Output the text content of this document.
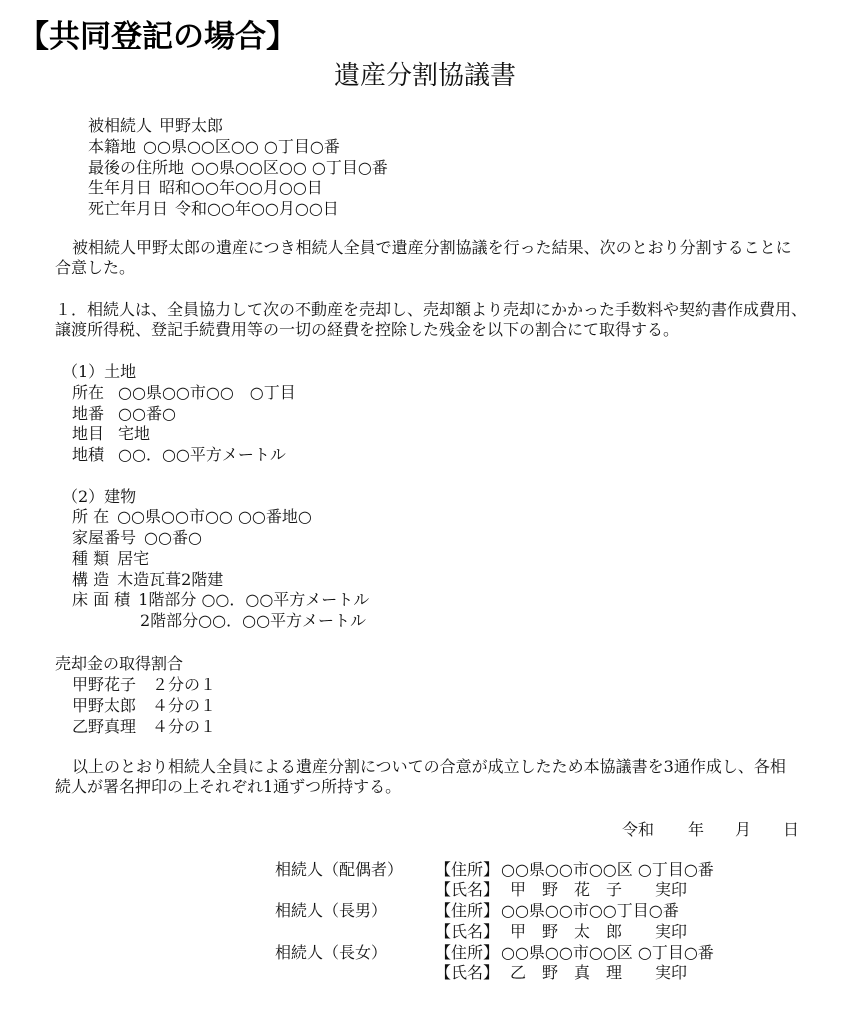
【共同登記の場合】
遺産分割協議書
被相続人 甲野太郎
本籍地 ○○県○○区○○ ○丁目○番
最後の住所地 ○○県○○区○○ ○丁目○番
生年月日 昭和○○年○○月○○日
死亡年月日 令和○○年○○月○○日
被相続人甲野太郎の遺産につき相続人全員で遺産分割協議を行った結果、次のとおり分割することに
合意した。
１．相続人は、全員協力して次の不動産を売却し、売却額より売却にかかった手数料や契約書作成費用、
譲渡所得税、登記手続費用等の一切の経費を控除した残金を以下の割合にて取得する。
（1）土地
所在 ○○県○○市○○　○丁目
地番 ○○番○
地目 宅地
地積 ○○．○○平方メートル
（2）建物
所 在 ○○県○○市○○ ○○番地○
家屋番号 ○○番○
種 類 居宅
構 造 木造瓦葺2階建
床 面 積 1階部分 ○○．○○平方メートル
2階部分○○．○○平方メートル
売却金の取得割合
甲野花子 ２分の１
甲野太郎 ４分の１
乙野真理 ４分の１
以上のとおり相続人全員による遺産分割についての合意が成立したため本協議書を3通作成し、各相
続人が署名押印の上それぞれ1通ずつ所持する。
令和 年 月 日
相続人（配偶者） 【住所】 ○○県○○市○○区 ○丁目○番
【氏名】 甲　野　花　子 実印
相続人（長男）	【住所】 ○○県○○市○○丁目○番
【氏名】 甲　野　太　郎 実印
相続人（長女）	【住所】 ○○県○○市○○区 ○丁目○番
【氏名】 乙　野　真　理 実印
